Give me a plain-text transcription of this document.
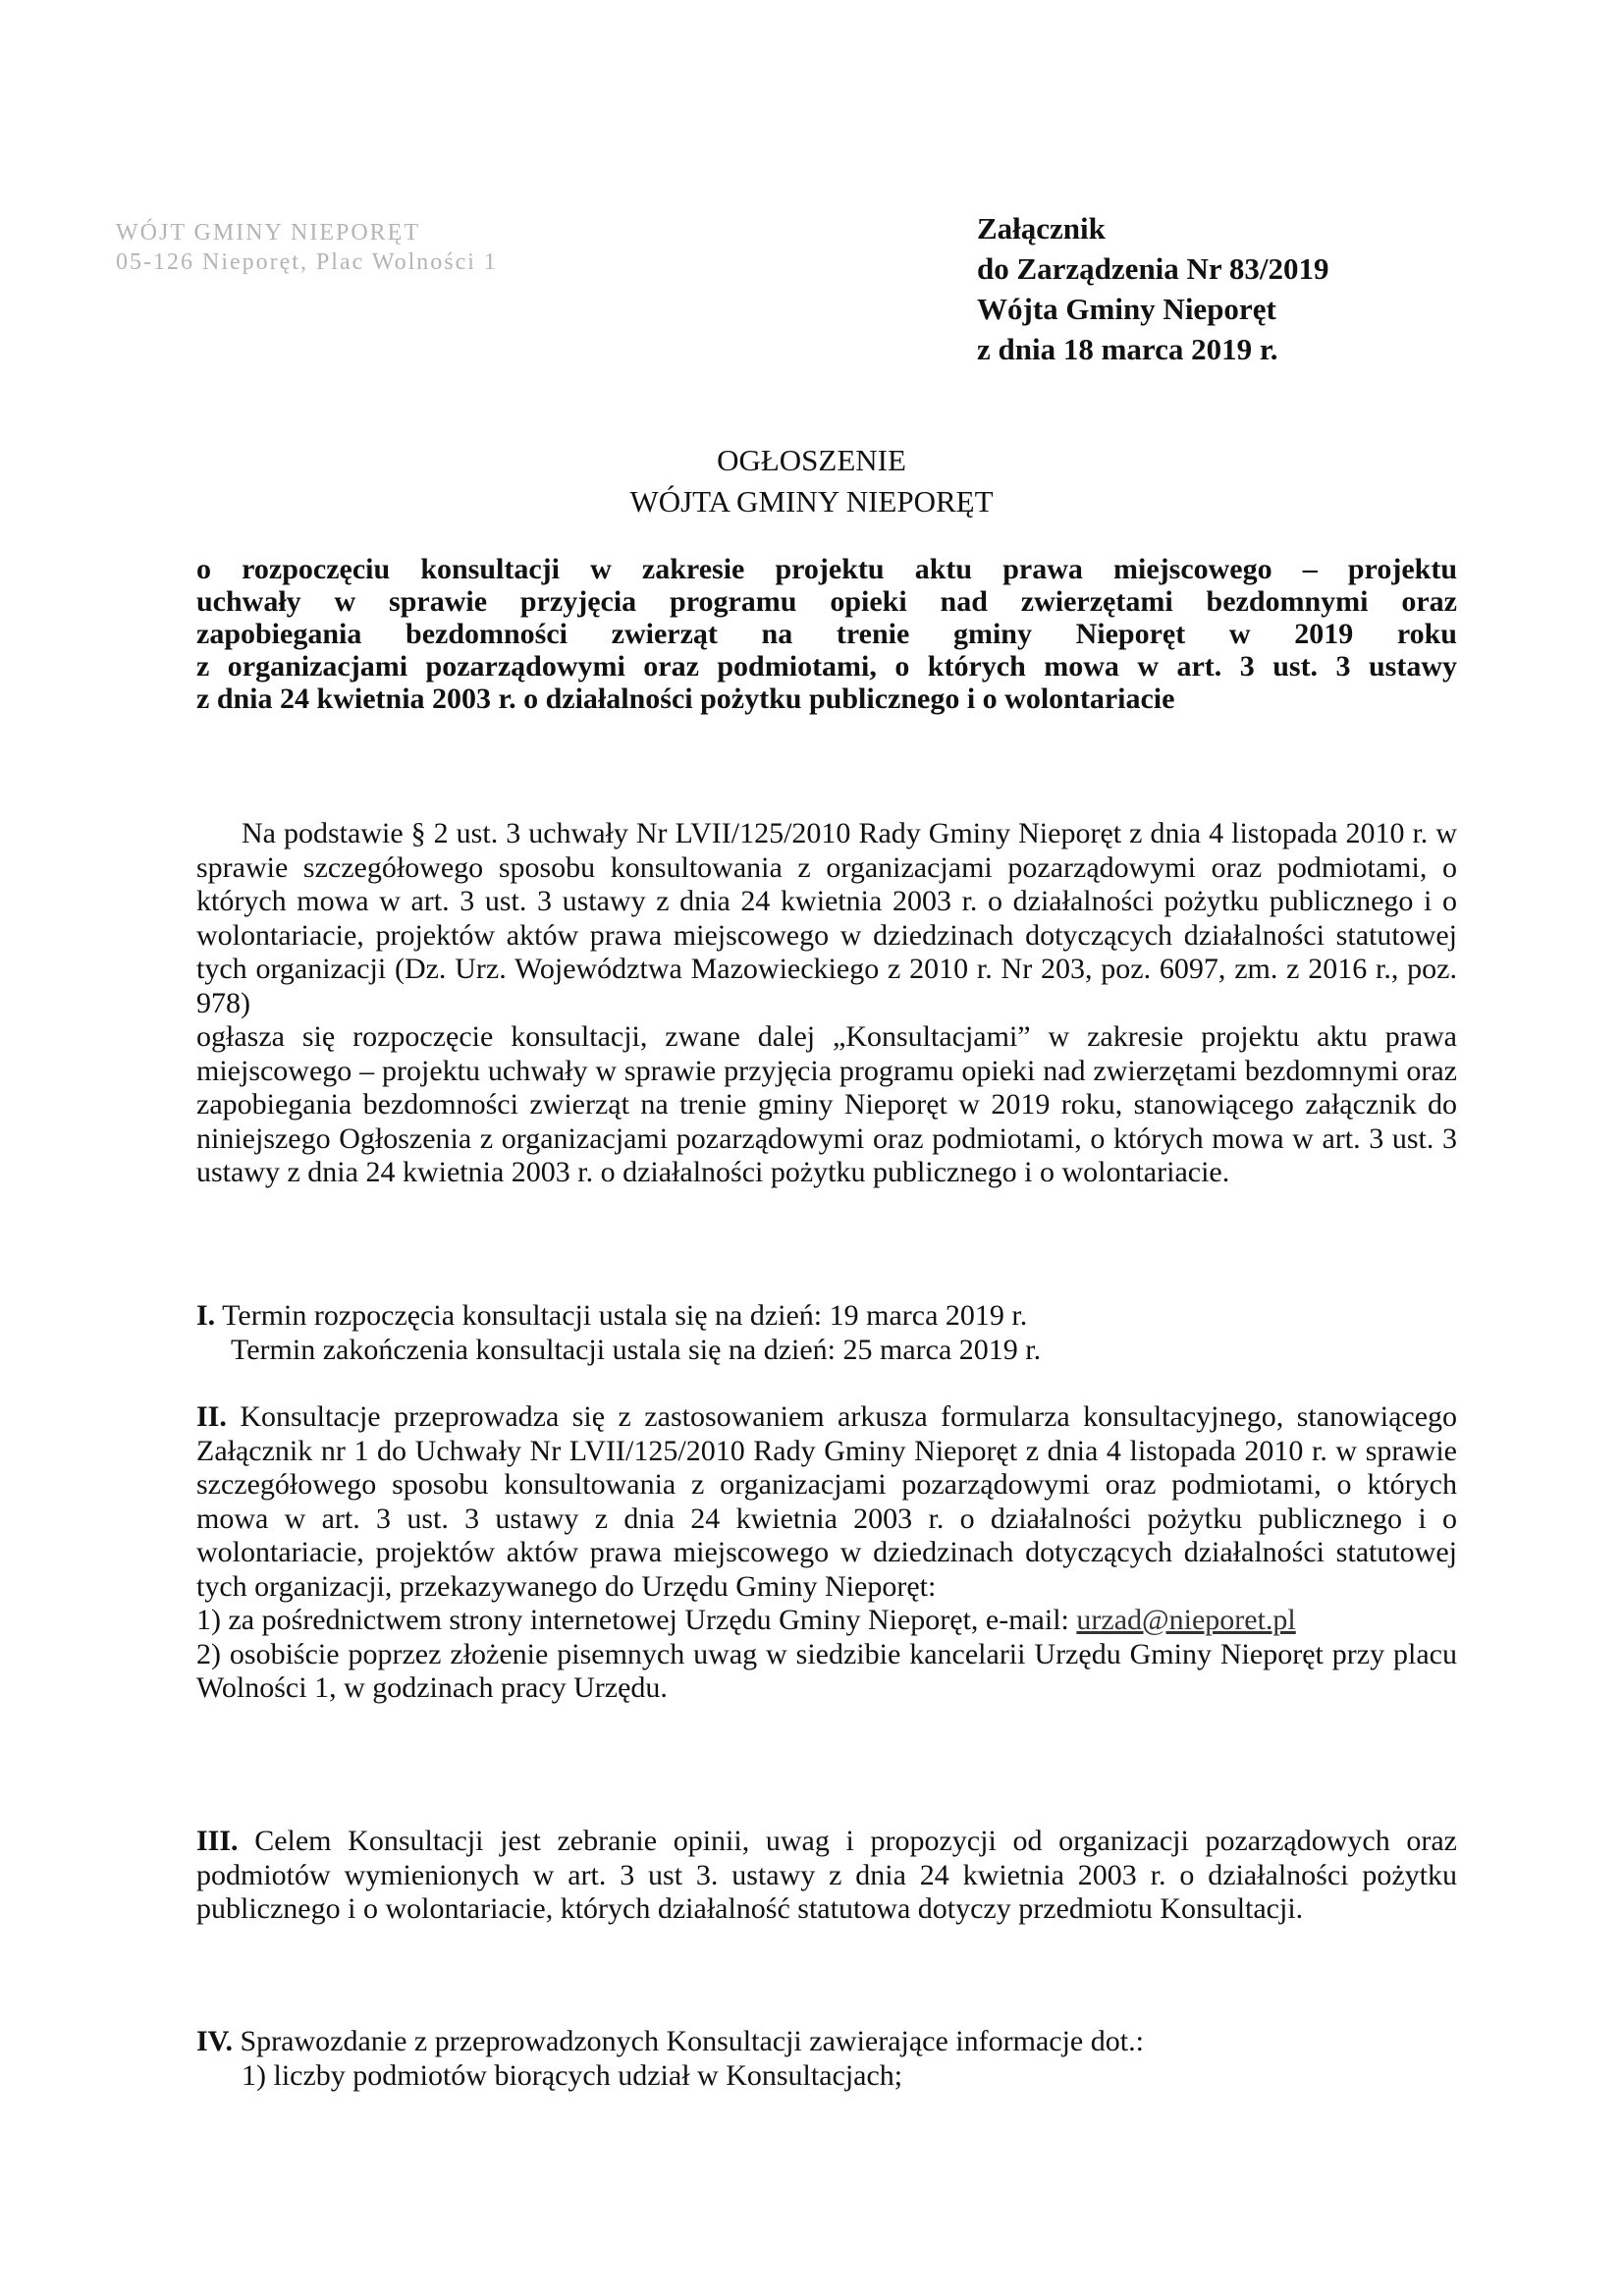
WÓJT GMINY NIEPORĘT
05-126 Nieporęt, Plac Wolności 1
Załącznik
do Zarządzenia Nr 83/2019
Wójta Gminy Nieporęt
z dnia 18 marca 2019 r.
OGŁOSZENIE
WÓJTA GMINY NIEPORĘT
o rozpoczęciu konsultacji w zakresie projektu aktu prawa miejscowego – projektu
uchwały w sprawie przyjęcia programu opieki nad zwierzętami bezdomnymi oraz
zapobiegania bezdomności zwierząt na trenie gminy Nieporęt w 2019 roku
z organizacjami pozarządowymi oraz podmiotami, o których mowa w art. 3 ust. 3 ustawy
z dnia 24 kwietnia 2003 r. o działalności pożytku publicznego i o wolontariacie

Na podstawie § 2 ust. 3 uchwały Nr LVII/125/2010 Rady Gminy Nieporęt z dnia 4 listopada 2010 r. w sprawie szczegółowego sposobu konsultowania z organizacjami pozarządowymi oraz podmiotami, o których mowa w art. 3 ust. 3 ustawy z dnia 24 kwietnia 2003 r. o działalności pożytku publicznego i o wolontariacie, projektów aktów prawa miejscowego w dziedzinach dotyczących działalności statutowej tych organizacji (Dz. Urz. Województwa Mazowieckiego z 2010 r. Nr 203, poz. 6097, zm. z 2016 r., poz. 978)

ogłasza się rozpoczęcie konsultacji, zwane dalej „Konsultacjami” w zakresie projektu aktu prawa miejscowego – projektu uchwały w sprawie przyjęcia programu opieki nad zwierzętami bezdomnymi oraz zapobiegania bezdomności zwierząt na trenie gminy Nieporęt w 2019 roku, stanowiącego załącznik do niniejszego Ogłoszenia z organizacjami pozarządowymi oraz podmiotami, o których mowa w art. 3 ust. 3 ustawy z dnia 24 kwietnia 2003 r. o działalności pożytku publicznego i o wolontariacie.

I. Termin rozpoczęcia konsultacji ustala się na dzień: 19 marca 2019 r.

Termin zakończenia konsultacji ustala się na dzień: 25 marca 2019 r.

II. Konsultacje przeprowadza się z zastosowaniem arkusza formularza konsultacyjnego, stanowiącego Załącznik nr 1 do Uchwały Nr LVII/125/2010 Rady Gminy Nieporęt z dnia 4 listopada 2010 r. w sprawie szczegółowego sposobu konsultowania z organizacjami pozarządowymi oraz podmiotami, o których mowa w art. 3 ust. 3 ustawy z dnia 24 kwietnia 2003 r. o działalności pożytku publicznego i o wolontariacie, projektów aktów prawa miejscowego w dziedzinach dotyczących działalności statutowej tych organizacji, przekazywanego do Urzędu Gminy Nieporęt:

1) za pośrednictwem strony internetowej Urzędu Gminy Nieporęt, e-mail: urzad@nieporet.pl

2) osobiście poprzez złożenie pisemnych uwag w siedzibie kancelarii Urzędu Gminy Nieporęt przy placu Wolności 1, w godzinach pracy Urzędu.

III. Celem Konsultacji jest zebranie opinii, uwag i propozycji od organizacji pozarządowych oraz podmiotów wymienionych w art. 3 ust 3. ustawy z dnia 24 kwietnia 2003 r. o działalności pożytku publicznego i o wolontariacie, których działalność statutowa dotyczy przedmiotu Konsultacji.

IV. Sprawozdanie z przeprowadzonych Konsultacji zawierające informacje dot.:

1) liczby podmiotów biorących udział w Konsultacjach;
